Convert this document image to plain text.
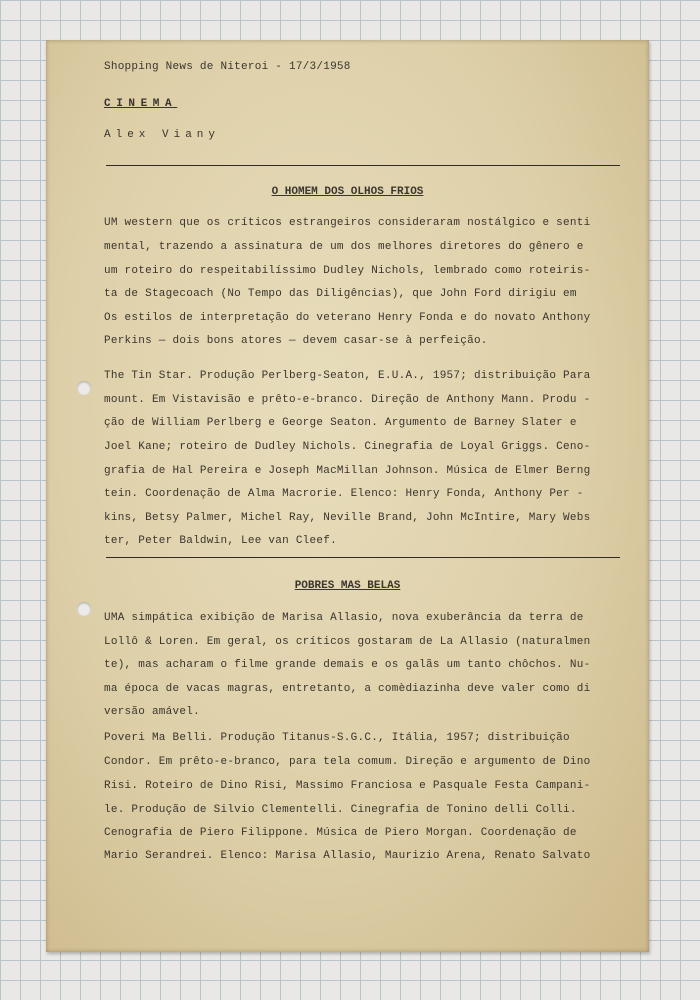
Shopping News de Niteroi - 17/3/1958
CINEMA
Alex Viany
O HOMEM DOS OLHOS FRIOS
UM western que os críticos estrangeiros consideraram nostálgico e senti
mental, trazendo a assinatura de um dos melhores diretores do gênero e
um roteiro do respeitabilíssimo Dudley Nichols, lembrado como roteiris-
ta de Stagecoach (No Tempo das Diligências), que John Ford dirigiu em
Os estilos de interpretação do veterano Henry Fonda e do novato Anthony
Perkins — dois bons atores — devem casar-se à perfeição.
The Tin Star. Produção Perlberg-Seaton, E.U.A., 1957; distribuição Para
mount. Em Vistavisão e prêto-e-branco. Direção de Anthony Mann. Produ -
ção de William Perlberg e George Seaton. Argumento de Barney Slater e
Joel Kane; roteiro de Dudley Nichols. Cinegrafia de Loyal Griggs. Ceno-
grafia de Hal Pereira e Joseph MacMillan Johnson. Música de Elmer Berng
tein. Coordenação de Alma Macrorie. Elenco: Henry Fonda, Anthony Per -
kins, Betsy Palmer, Michel Ray, Neville Brand, John McIntire, Mary Webs
ter, Peter Baldwin, Lee van Cleef.
POBRES MAS BELAS
UMA simpática exibição de Marisa Allasio, nova exuberância da terra de
Lollô & Loren. Em geral, os críticos gostaram de La Allasio (naturalmen
te), mas acharam o filme grande demais e os galãs um tanto chôchos. Nu-
ma época de vacas magras, entretanto, a comèdiazinha deve valer como di
versão amável.
Poveri Ma Belli. Produção Titanus-S.G.C., Itália, 1957; distribuição
Condor. Em prêto-e-branco, para tela comum. Direção e argumento de Dino
Risi. Roteiro de Dino Risi, Massimo Franciosa e Pasquale Festa Campani-
le. Produção de Silvio Clementelli. Cinegrafia de Tonino delli Colli.
Cenografia de Piero Filippone. Música de Piero Morgan. Coordenação de
Mario Serandrei. Elenco: Marisa Allasio, Maurizio Arena, Renato Salvato
